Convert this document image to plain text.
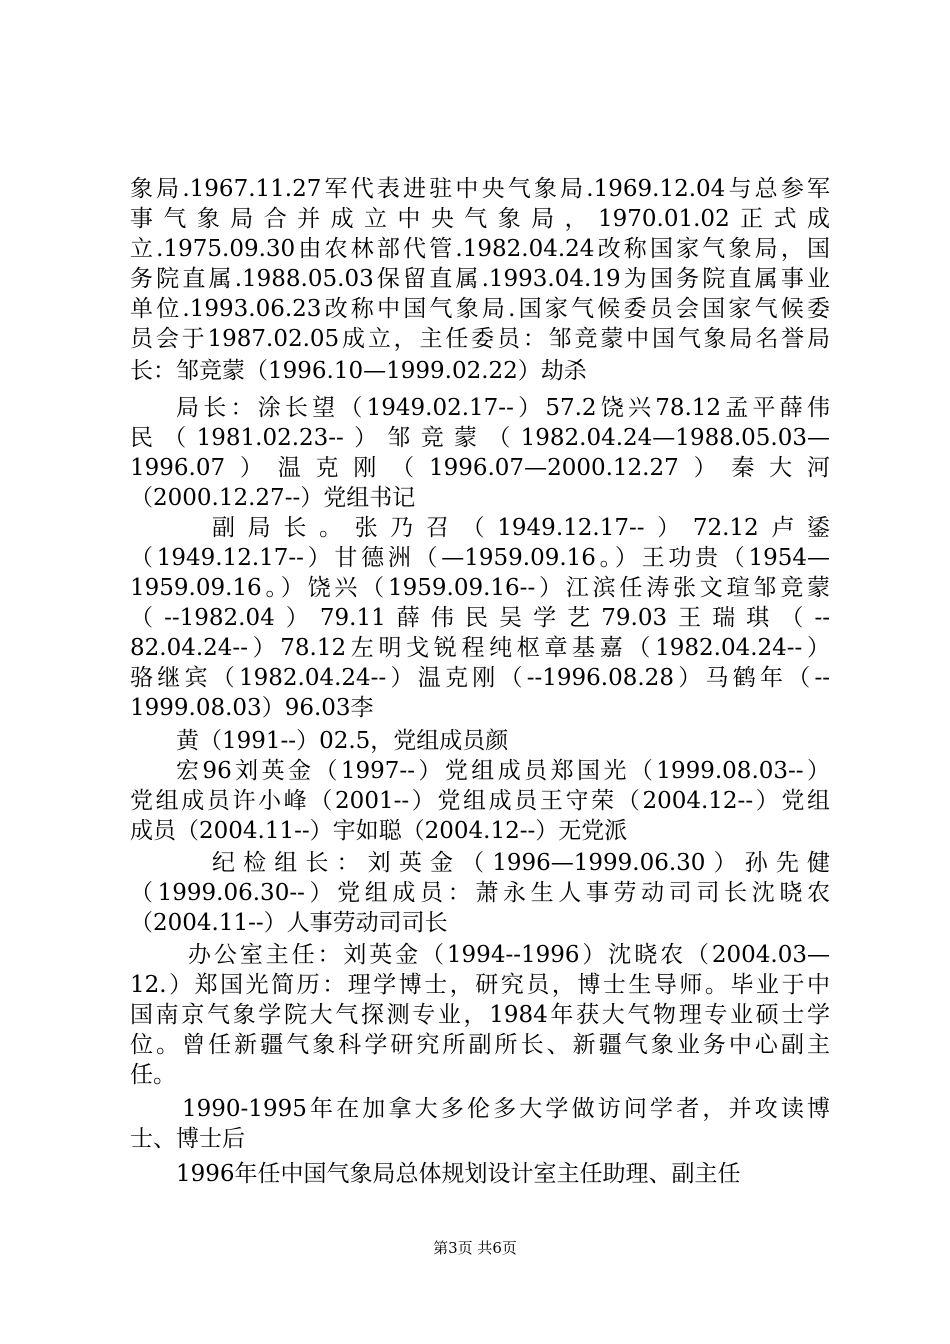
象局.1967.11.27军代表进驻中央气象局.1969.12.04与总参军
事气象局合并成立中央气象局，1970.01.02正式成
立.1975.09.30由农林部代管.1982.04.24改称国家气象局，国
务院直属.1988.05.03保留直属.1993.04.19为国务院直属事业
单位.1993.06.23改称中国气象局.国家气候委员会国家气候委
员会于1987.02.05成立，主任委员：邹竞蒙中国气象局名誉局
长：邹竞蒙（1996.10—1999.02.22）劫杀
局长：涂长望（1949.02.17--）57.2饶兴78.12孟平薛伟
民（1981.02.23--）邹竞蒙（1982.04.24—1988.05.03—
1996.07）温克刚（1996.07—2000.12.27）秦大河
（2000.12.27--）党组书记
副局长。张乃召（1949.12.17--）72.12卢鋈
（1949.12.17--）甘德洲（—1959.09.16。）王功贵（1954—
1959.09.16。）饶兴（1959.09.16--）江滨任涛张文瑄邹竞蒙
（--1982.04）79.11薛伟民吴学艺79.03王瑞琪（--
82.04.24--）78.12左明戈锐程纯枢章基嘉（1982.04.24--）
骆继宾（1982.04.24--）温克刚（--1996.08.28）马鹤年（--
1999.08.03）96.03李
黄（1991--）02.5，党组成员颜
宏96刘英金（1997--）党组成员郑国光（1999.08.03--）
党组成员许小峰（2001--）党组成员王守荣（2004.12--）党组
成员（2004.11--）宇如聪（2004.12--）无党派
纪检组长：刘英金（1996—1999.06.30）孙先健
（1999.06.30--）党组成员：萧永生人事劳动司司长沈晓农
（2004.11--）人事劳动司司长
办公室主任：刘英金（1994--1996）沈晓农（2004.03—
12.）郑国光简历：理学博士，研究员，博士生导师。毕业于中
国南京气象学院大气探测专业，1984年获大气物理专业硕士学
位。曾任新疆气象科学研究所副所长、新疆气象业务中心副主
任。
1990-1995年在加拿大多伦多大学做访问学者，并攻读博
士、博士后
1996年任中国气象局总体规划设计室主任助理、副主任
第3页 共6页
